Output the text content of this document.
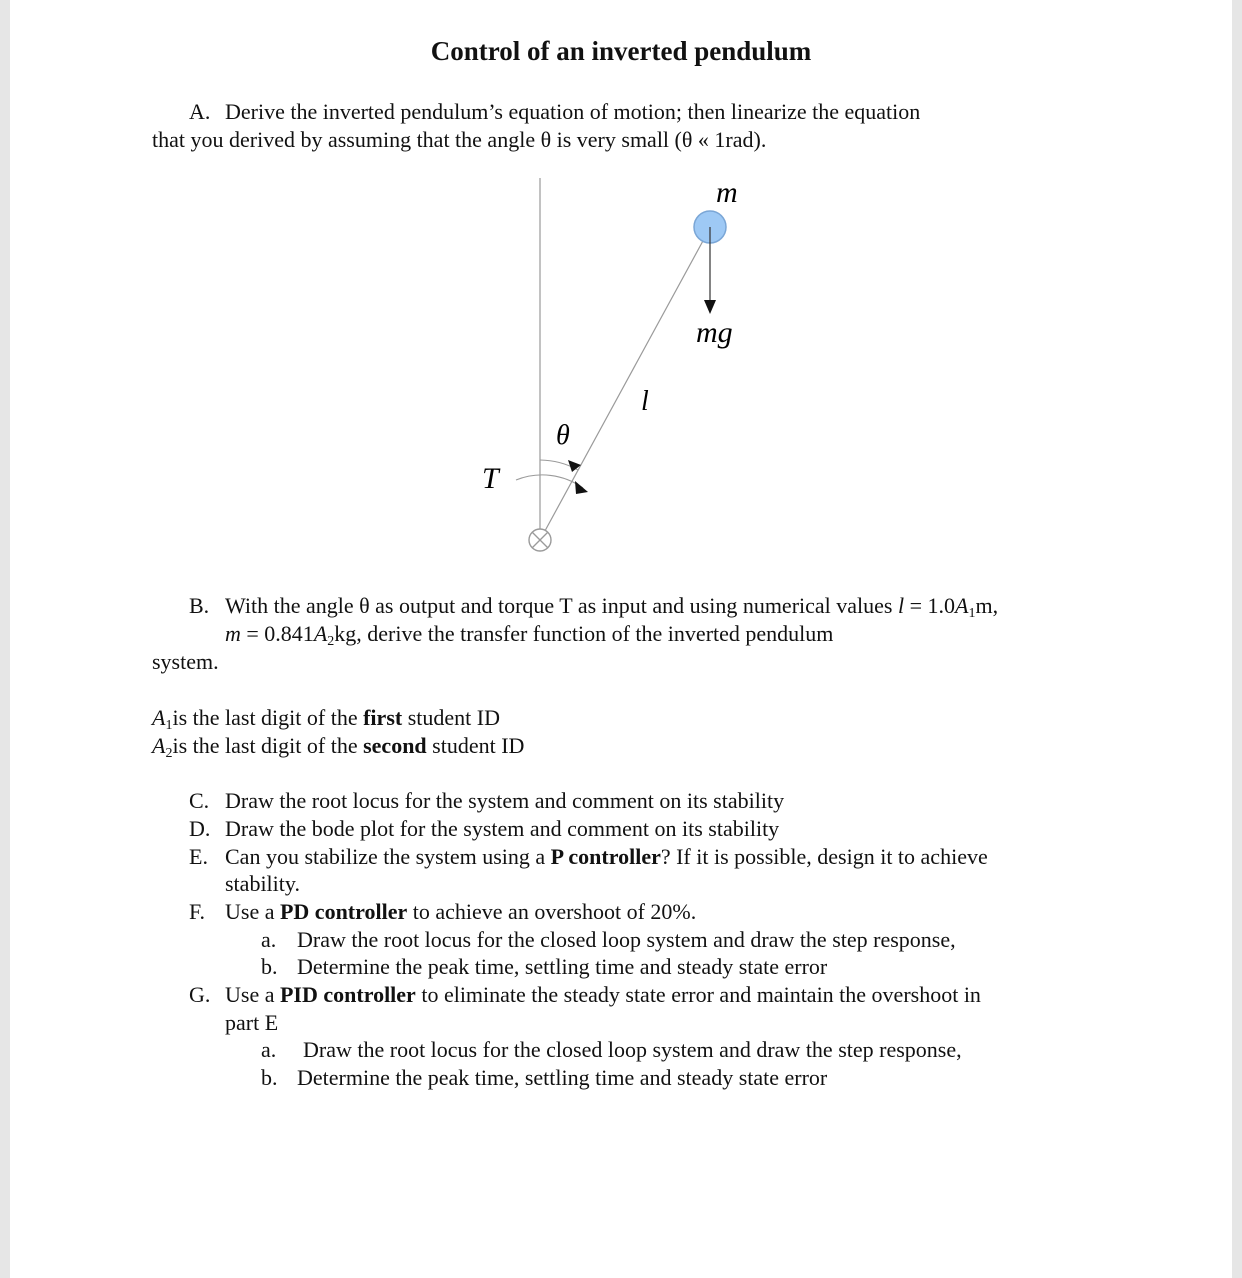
Control of an inverted pendulum
A. Derive the inverted pendulum’s equation of motion; then linearize the equation
that you derived by assuming that the angle θ is very small (θ « 1rad).
m
mg
l
θ
T
B. With the angle θ as output and torque T as input and using numerical values $l = 1.0A_1m$,
$m = 0.841A_2kg$, derive the transfer function of the inverted pendulum
system.
$A_1is$ the last digit of the first student ID
$A_2is$ the last digit of the second student ID
C. Draw the root locus for the system and comment on its stability
D. Draw the bode plot for the system and comment on its stability
E. Can you stabilize the system using a P controller? If it is possible, design it to achieve
stability.
F. Use a PD controller to achieve an overshoot of 20%.
a. Draw the root locus for the closed loop system and draw the step response,
b. Determine the peak time, settling time and steady state error
G. Use a PID controller to eliminate the steady state error and maintain the overshoot in
part E
a. Draw the root locus for the closed loop system and draw the step response,
b. Determine the peak time, settling time and steady state error
